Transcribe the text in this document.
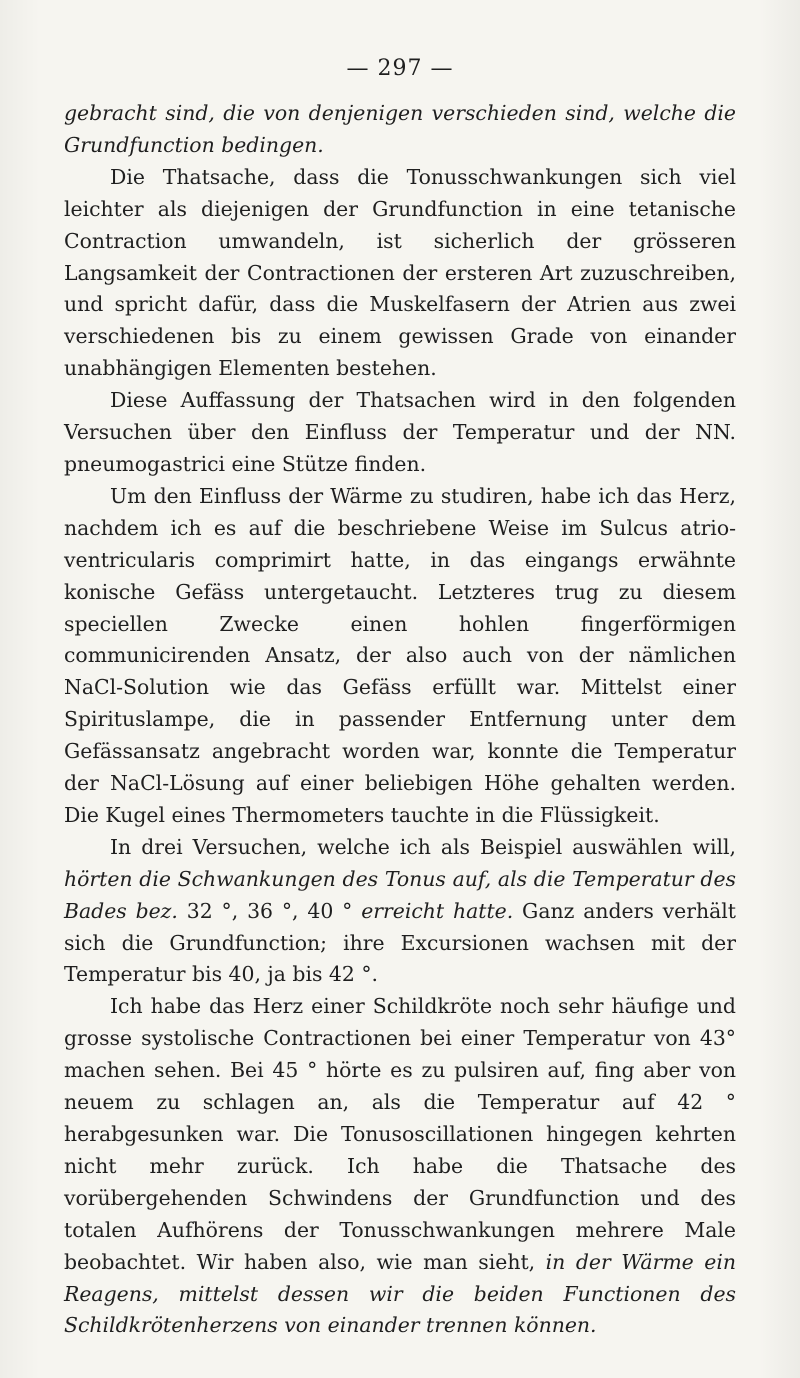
— 297 —

gebracht sind, die von denjenigen verschieden sind, welche die Grundfunction bedingen.

Die Thatsache, dass die Tonusschwankungen sich viel leichter als diejenigen der Grundfunction in eine tetanische Contraction umwandeln, ist sicherlich der grösseren Langsamkeit der Contractionen der ersteren Art zuzuschreiben, und spricht dafür, dass die Muskelfasern der Atrien aus zwei verschiedenen bis zu einem gewissen Grade von einander unabhängigen Elementen bestehen.

Diese Auffassung der Thatsachen wird in den folgenden Versuchen über den Einfluss der Temperatur und der NN. pneumogastrici eine Stütze finden.

Um den Einfluss der Wärme zu studiren, habe ich das Herz, nachdem ich es auf die beschriebene Weise im Sulcus atrio-ventricularis comprimirt hatte, in das eingangs erwähnte konische Gefäss untergetaucht. Letzteres trug zu diesem speciellen Zwecke einen hohlen fingerförmigen communicirenden Ansatz, der also auch von der nämlichen NaCl-Solution wie das Gefäss erfüllt war. Mittelst einer Spirituslampe, die in passender Entfernung unter dem Gefässansatz angebracht worden war, konnte die Temperatur der NaCl-Lösung auf einer beliebigen Höhe gehalten werden. Die Kugel eines Thermometers tauchte in die Flüssigkeit.

In drei Versuchen, welche ich als Beispiel auswählen will, hörten die Schwankungen des Tonus auf, als die Temperatur des Bades bez. 32 °, 36 °, 40 ° erreicht hatte. Ganz anders verhält sich die Grundfunction; ihre Excursionen wachsen mit der Temperatur bis 40, ja bis 42 °.

Ich habe das Herz einer Schildkröte noch sehr häufige und grosse systolische Contractionen bei einer Temperatur von 43° machen sehen. Bei 45 ° hörte es zu pulsiren auf, fing aber von neuem zu schlagen an, als die Temperatur auf 42 ° herabgesunken war. Die Tonusoscillationen hingegen kehrten nicht mehr zurück. Ich habe die Thatsache des vorübergehenden Schwindens der Grundfunction und des totalen Aufhörens der Tonusschwankungen mehrere Male beobachtet. Wir haben also, wie man sieht, in der Wärme ein Reagens, mittelst dessen wir die beiden Functionen des Schildkrötenherzens von einander trennen können.
